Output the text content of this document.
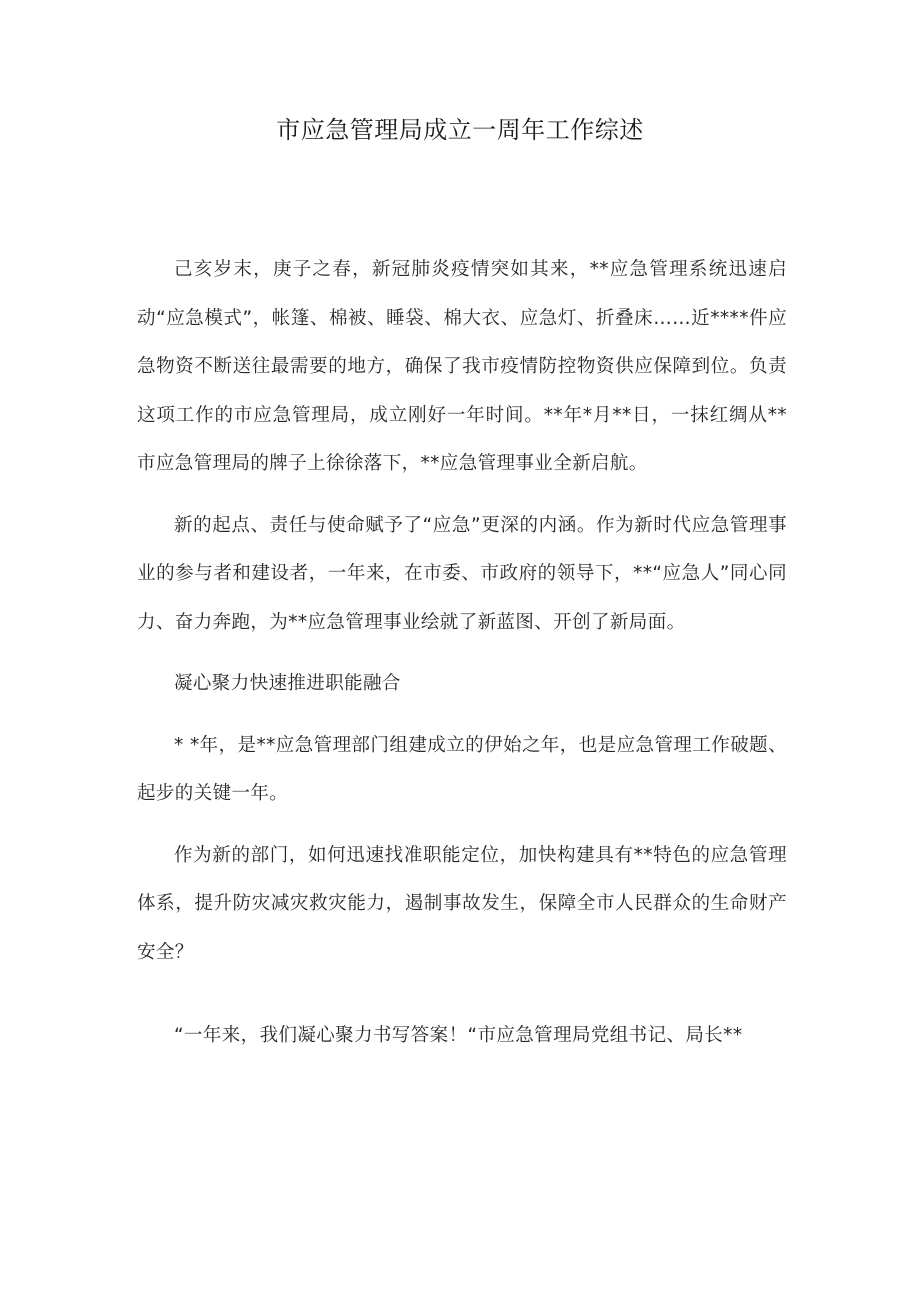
市应急管理局成立一周年工作综述

己亥岁末，庚子之春，新冠肺炎疫情突如其来，**应急管理系统迅速启动“应急模式”，帐篷、棉被、睡袋、棉大衣、应急灯、折叠床……近****件应急物资不断送往最需要的地方，确保了我市疫情防控物资供应保障到位。负责这项工作的市应急管理局，成立刚好一年时间。**年*月**日，一抹红绸从**市应急管理局的牌子上徐徐落下，**应急管理事业全新启航。

新的起点、责任与使命赋予了“应急”更深的内涵。作为新时代应急管理事业的参与者和建设者，一年来，在市委、市政府的领导下，**“应急人”同心同力、奋力奔跑，为**应急管理事业绘就了新蓝图、开创了新局面。

凝心聚力快速推进职能融合

* *年，是**应急管理部门组建成立的伊始之年，也是应急管理工作破题、起步的关键一年。

作为新的部门，如何迅速找准职能定位，加快构建具有**特色的应急管理体系，提升防灾减灾救灾能力，遏制事故发生，保障全市人民群众的生命财产安全？

“一年来，我们凝心聚力书写答案！“市应急管理局党组书记、局长**
